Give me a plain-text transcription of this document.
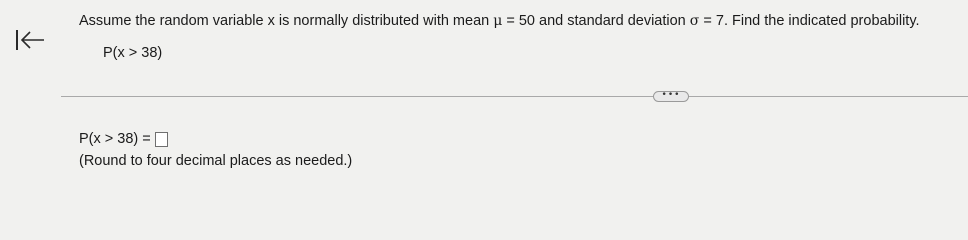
Assume the random variable x is normally distributed with mean μ = 50 and standard deviation σ = 7. Find the indicated probability.
P(x > 38)
•••
P(x > 38) =
(Round to four decimal places as needed.)
